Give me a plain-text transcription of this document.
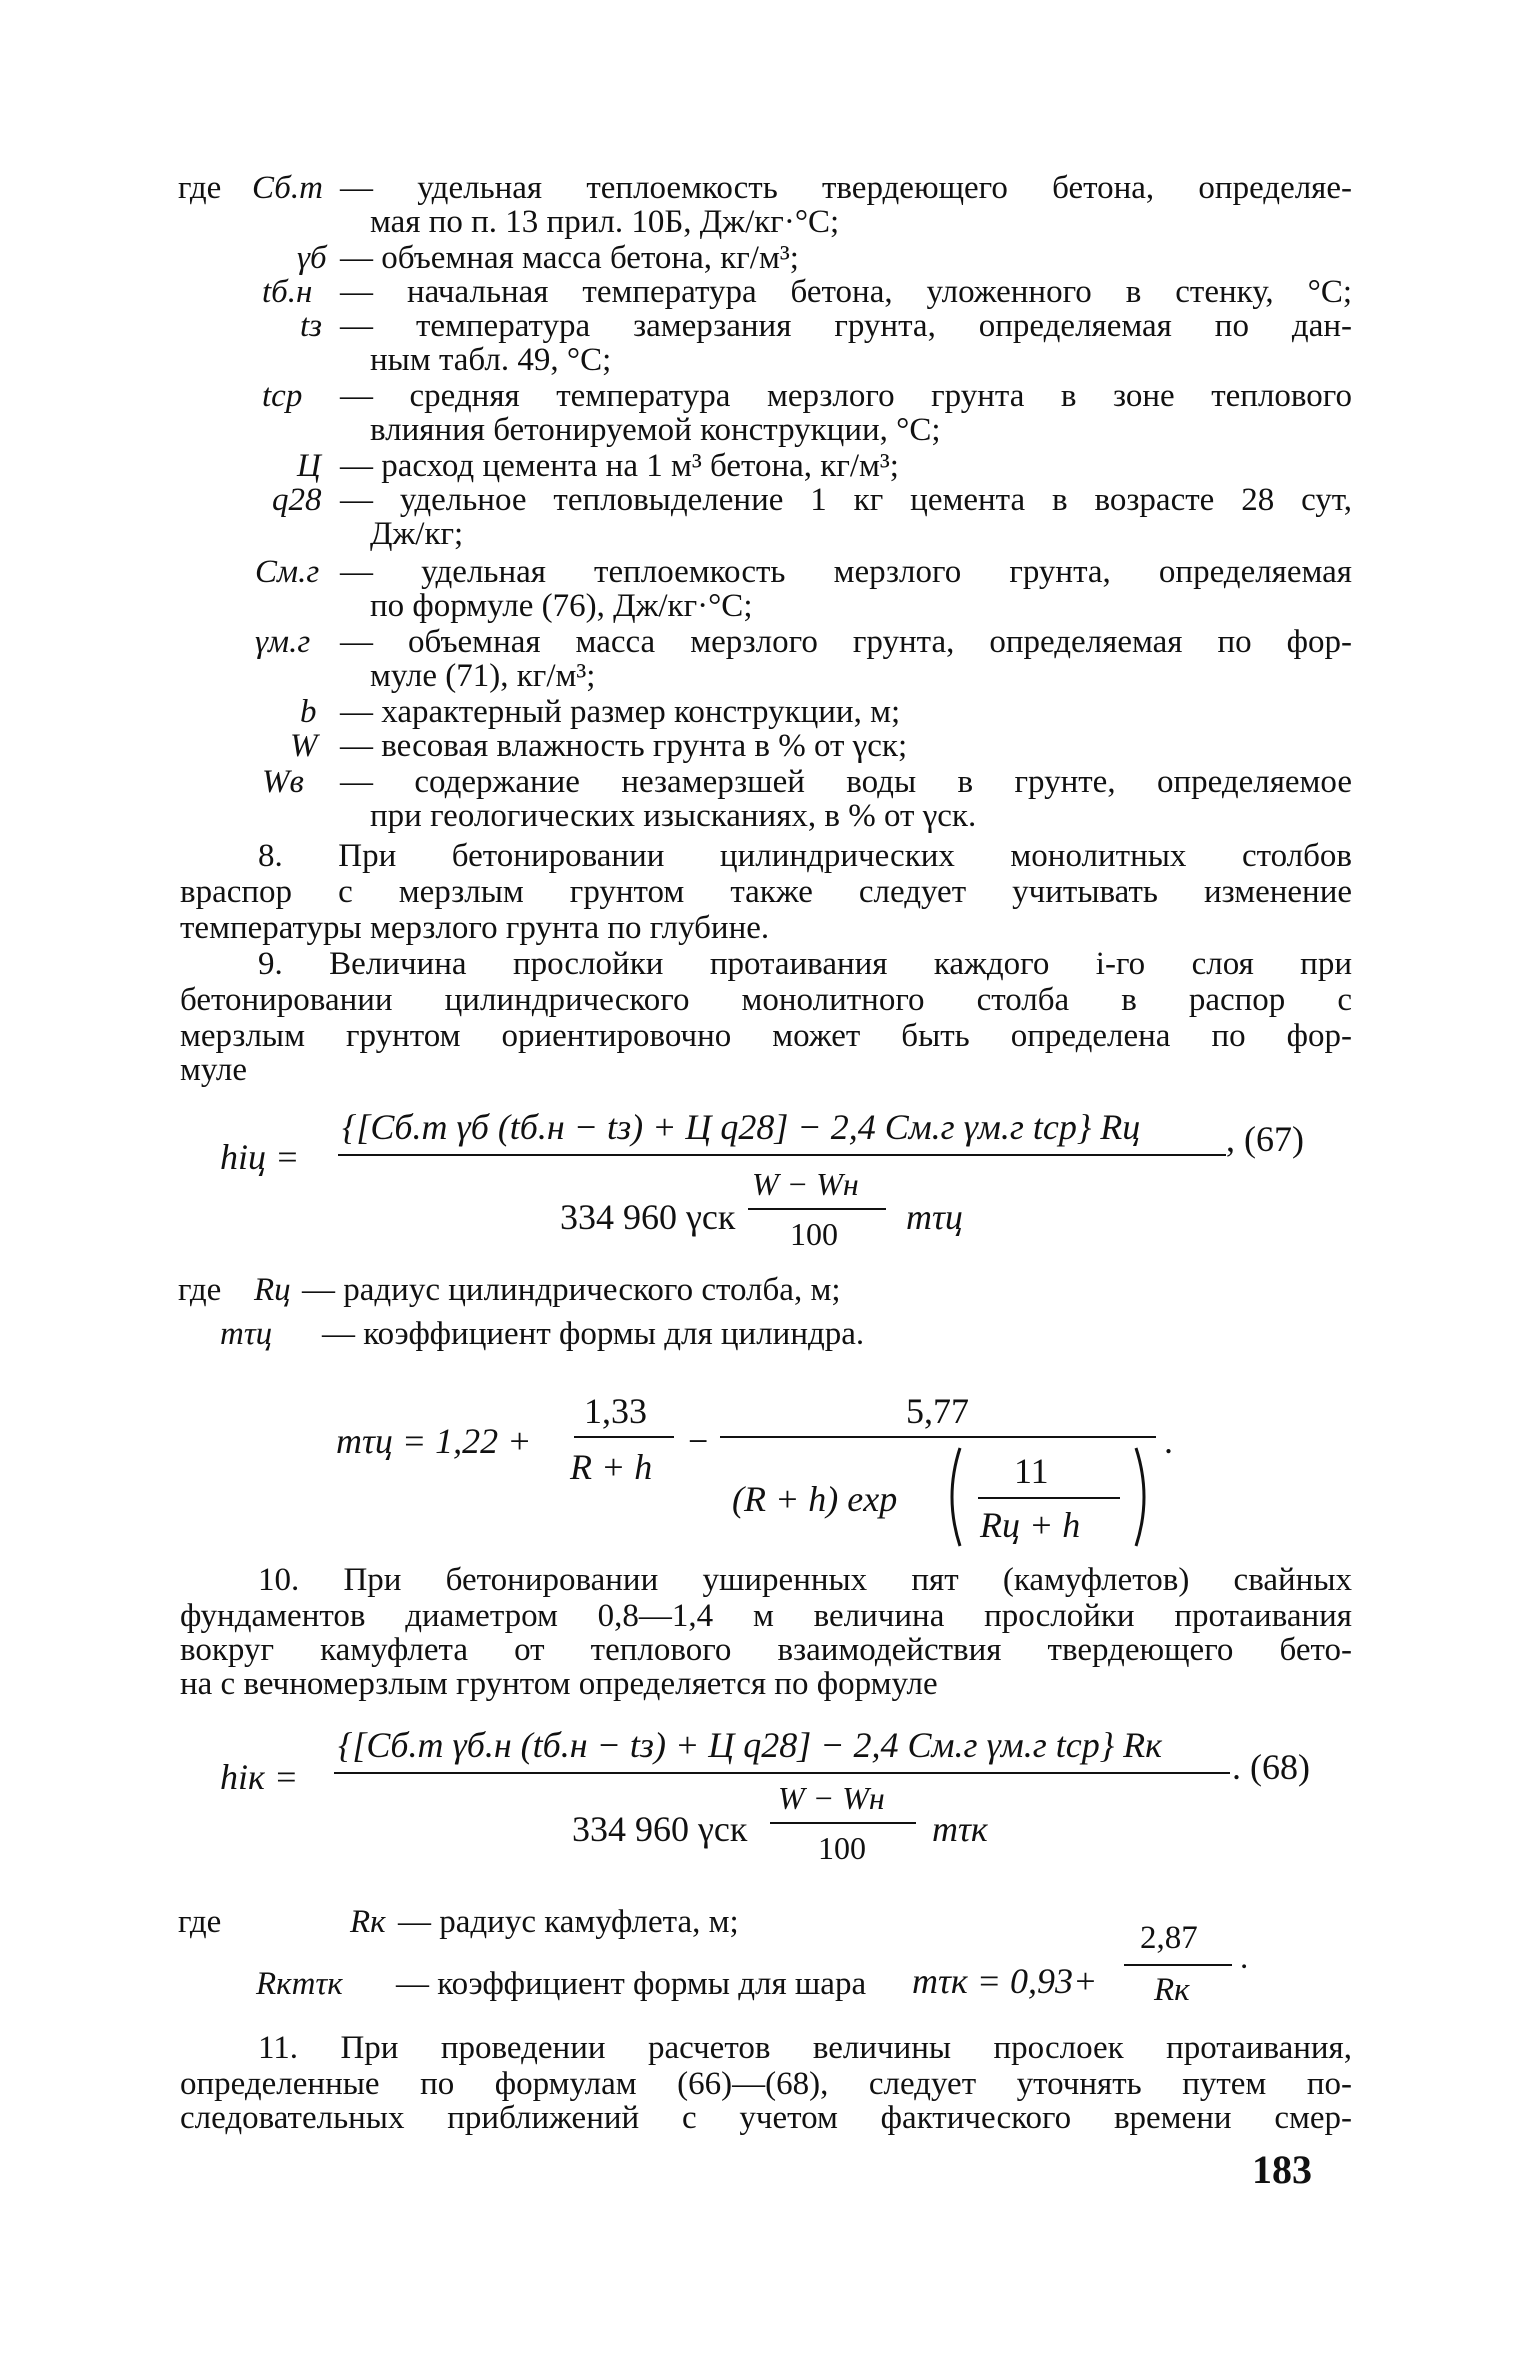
где Сб.т — удельная теплоемкость твердеющего бетона, определяе-
мая по п. 13 прил. 10Б, Дж/кг·°С;
γб — объемная масса бетона, кг/м³;
tб.н — начальная температура бетона, уложенного в стенку, °С;
tз — температура замерзания грунта, определяемая по дан-
ным табл. 49, °С;
tср — средняя температура мерзлого грунта в зоне теплового
влияния бетонируемой конструкции, °С;
Ц — расход цемента на 1 м³ бетона, кг/м³;
q28 — удельное тепловыделение 1 кг цемента в возрасте 28 сут,
Дж/кг;
См.г — удельная теплоемкость мерзлого грунта, определяемая
по формуле (76), Дж/кг·°С;
γм.г — объемная масса мерзлого грунта, определяемая по фор-
муле (71), кг/м³;
b — характерный размер конструкции, м;
W — весовая влажность грунта в % от γск;
Wв — содержание незамерзшей воды в грунте, определяемое
при геологических изысканиях, в % от γск.
8. При бетонировании цилиндрических монолитных столбов
враспор с мерзлым грунтом также следует учитывать изменение
температуры мерзлого грунта по глубине.
9. Величина прослойки протаивания каждого i-го слоя при
бетонировании цилиндрического монолитного столба в распор с
мерзлым грунтом ориентировочно может быть определена по фор-
муле
hiц =
{[Cб.т γб (tб.н − tз) + Ц q28] − 2,4 Cм.г γм.г tср} Rц
334 960 γск
W − Wн
100 mτц
, (67)
где Rц — радиус цилиндрического столба, м;
mτц — коэффициент формы для цилиндра.
mτц = 1,22 +
1,33
R + h
−
5,77
(R + h) exp
11
Rц + h
.
10. При бетонировании уширенных пят (камуфлетов) свайных
фундаментов диаметром 0,8—1,4 м величина прослойки протаивания
вокруг камуфлета от теплового взаимодействия твердеющего бето-
на с вечномерзлым грунтом определяется по формуле
hiк =
{[Cб.т γб.н (tб.н − tз) + Ц q28] − 2,4 Cм.г γм.г tср} Rк
334 960 γск
W − Wн
100 mτк
. (68)
где	Rк — радиус камуфлета, м;
Rкmτк — коэффициент формы для шара mτк = 0,93+
2,87
Rк
.
11. При проведении расчетов величины прослоек протаивания,
определенные по формулам (66)—(68), следует уточнять путем по-
следовательных приближений с учетом фактического времени смер-
183
